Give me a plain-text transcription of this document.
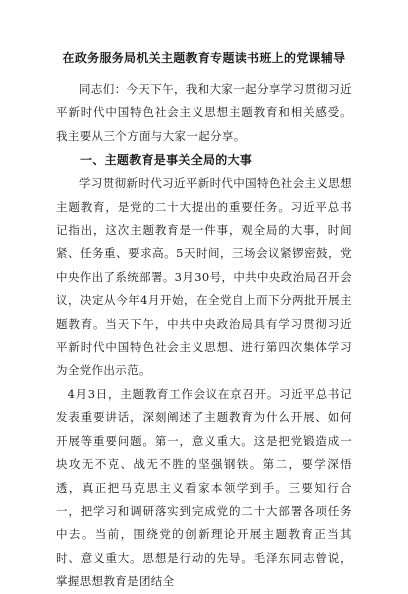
在政务服务局机关主题教育专题读书班上的党课辅导

同志们：今天下午，我和大家一起分享学习贯彻习近平新时代中国特色社会主义思想主题教育和相关感受。我主要从三个方面与大家一起分享。

一、主题教育是事关全局的大事

学习贯彻新时代习近平新时代中国特色社会主义思想主题教育，是党的二十大提出的重要任务。习近平总书记指出，这次主题教育是一件事，观全局的大事，时间紧、任务重、要求高。5天时间，三场会议紧锣密鼓，党中央作出了系统部署。3月30号，中共中央政治局召开会议，决定从今年4月开始，在全党自上而下分两批开展主题教育。当天下午，中共中央政治局具有学习贯彻习近平新时代中国特色社会主义思想、进行第四次集体学习为全党作出示范。

4月3日，主题教育工作会议在京召开。习近平总书记发表重要讲话，深刻阐述了主题教育为什么开展、如何开展等重要问题。第一，意义重大。这是把党锻造成一块攻无不克、战无不胜的坚强钢铁。第二，要学深悟透，真正把马克思主义看家本领学到手。三要知行合一，把学习和调研落实到完成党的二十大部署各项任务中去。当前，围绕党的创新理论开展主题教育正当其时、意义重大。思想是行动的先导。毛泽东同志曾说，掌握思想教育是团结全
